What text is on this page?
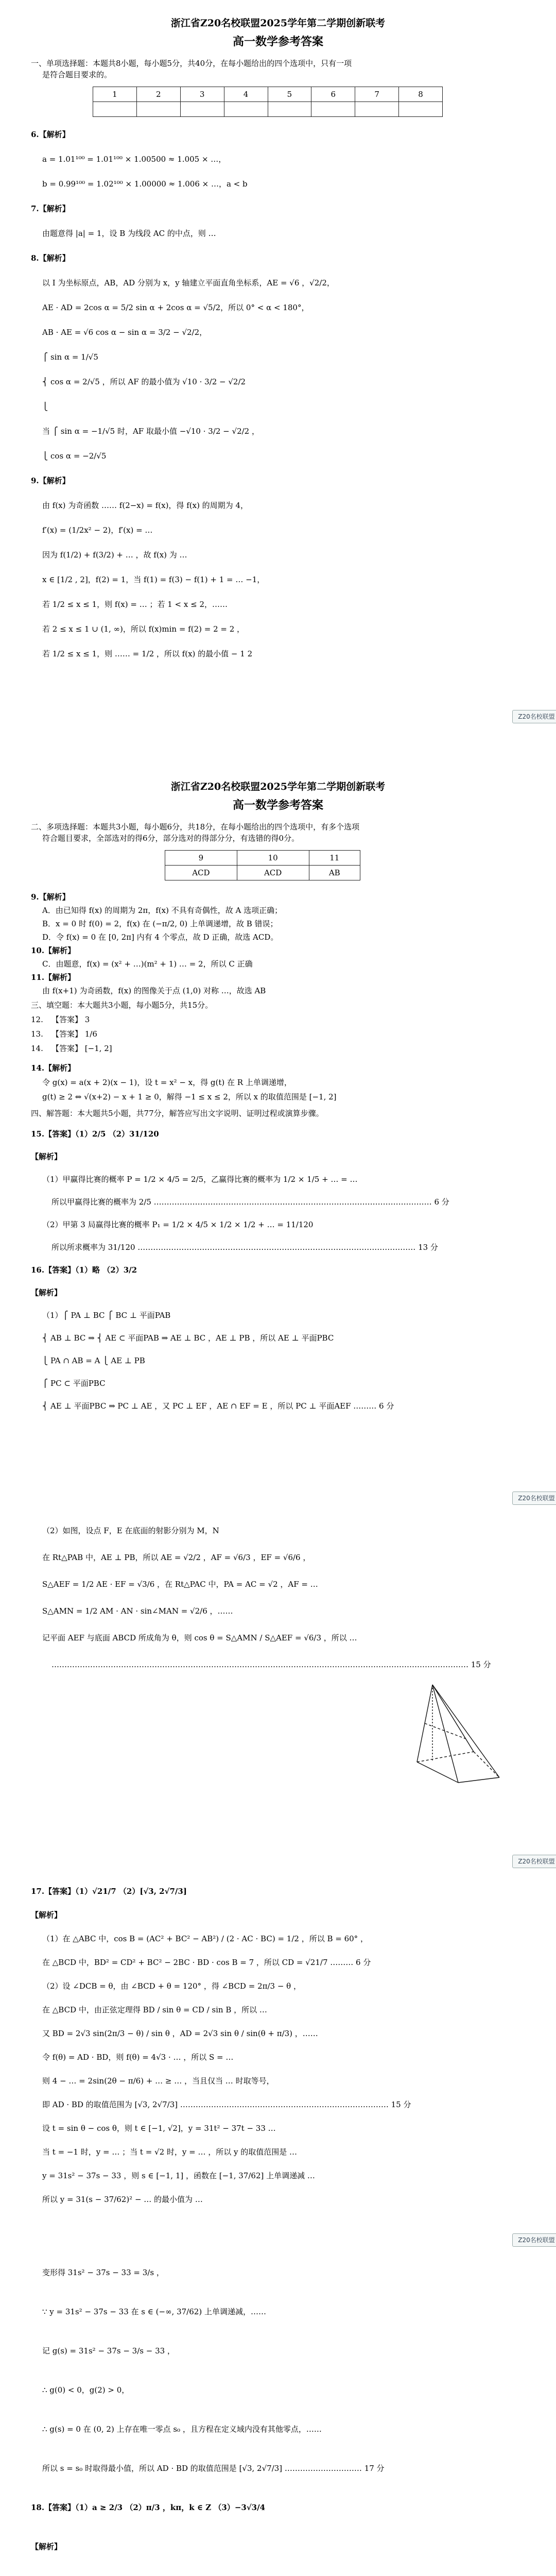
浙江省Z20名校联盟2025学年第二学期创新联考
高一数学参考答案
一、单项选择题：本题共8小题，每小题5分，共40分，在每小题给出的四个选项中，只有一项
是符合题目要求的。
1	2	3	4	5	6	7	8

6.【解析】
a = 1.01¹⁰⁰ = 1.01¹⁰⁰ × 1.00500 ≈ 1.005 × …，
b = 0.99¹⁰⁰ = 1.02¹⁰⁰ × 1.00000 ≈ 1.006 × …，a < b
7.【解析】
由题意得 |a| = 1，设 B 为线段 AC 的中点，则 …
8.【解析】
以 I 为坐标原点，AB，AD 分别为 x，y 轴建立平面直角坐标系，AE = √6 ，√2/2，
AE · AD = 2cos α = 5/2 sin α + 2cos α = √5/2，所以 0° < α < 180°，
AB · AE = √6 cos α − sin α = 3/2 − √2/2，
⎧ sin α = 1/√5
⎨ cos α = 2/√5 ，所以 AF 的最小值为 √10 · 3/2 − √2/2
⎩
当 ⎧ sin α = −1/√5 时，AF 取最小值 −√10 · 3/2 − √2/2 ，
⎩ cos α = −2/√5
9.【解析】
由 f(x) 为奇函数 …… f(2−x) = f(x)，得 f(x) 的周期为 4，
f′(x) = (1/2x² − 2)，f′(x) = …
因为 f(1/2) + f(3/2) + … ，故 f(x) 为 …
x ∈ [1/2 , 2]，f(2) = 1，当 f(1) = f(3) − f(1) + 1 = … −1，
若 1/2 ≤ x ≤ 1，则 f(x) = … ；若 1 < x ≤ 2，……
若 2 ≤ x ≤ 1 ∪ (1, ∞)，所以 f(x)min = f(2) = 2 = 2 ，
若 1/2 ≤ x ≤ 1，则 …… = 1/2 ，所以 f(x) 的最小值 − 1 2
Z20名校联盟
浙江省Z20名校联盟2025学年第二学期创新联考
高一数学参考答案
二、多项选择题：本题共3小题，每小题6分，共18分，在每小题给出的四个选项中，有多个选项
符合题目要求，全部选对的得6分，部分选对的得部分分，有选错的得0分。
9	10	11
ACD	ACD	AB
9.【解析】
A．由已知得 f(x) 的周期为 2π，f(x) 不具有奇偶性，故 A 选项正确；
B．x = 0 时 f(0) = 2，f(x) 在 (−π/2, 0) 上单调递增，故 B 错误；
D．令 f(x) = 0 在 [0, 2π] 内有 4 个零点，故 D 正确，故选 ACD。
10.【解析】
C．由题意，f(x) = (x² + …)(m² + 1) … = 2，所以 C 正确
11.【解析】
由 f(x+1) 为奇函数，f(x) 的图像关于点 (1,0) 对称 …，故选 AB
三、填空题：本大题共3小题，每小题5分，共15分。
12. 【答案】 3
13. 【答案】 1/6
14. 【答案】 [−1, 2]
14.【解析】
令 g(x) = a(x + 2)(x − 1)，设 t = x² − x，得 g(t) 在 R 上单调递增，
g(t) ≥ 2 ⇔ √(x+2) − x + 1 ≥ 0，解得 −1 ≤ x ≤ 2，所以 x 的取值范围是 [−1, 2]
四、解答题：本大题共5小题，共77分，解答应写出文字说明、证明过程或演算步骤。
15.【答案】（1）2/5 （2）31/120
【解析】
（1）甲赢得比赛的概率 P = 1/2 × 4/5 = 2/5，乙赢得比赛的概率为 1/2 × 1/5 + … = …
所以甲赢得比赛的概率为 2/5 ……………………………………………………………………………………………… 6 分
（2）甲第 3 局赢得比赛的概率 P₁ = 1/2 × 4/5 × 1/2 × 1/2 + … = 11/120
所以所求概率为 31/120 ……………………………………………………………………………………………… 13 分
16.【答案】（1）略 （2）3/2
【解析】
（1）⎧ PA ⊥ BC ⎧ BC ⊥ 平面PAB
⎨ AB ⊥ BC ⇒ ⎨ AE ⊂ 平面PAB ⇒ AE ⊥ BC ，AE ⊥ PB ，所以 AE ⊥ 平面PBC
⎩ PA ∩ AB = A ⎩ AE ⊥ PB
⎧ PC ⊂ 平面PBC
⎨ AE ⊥ 平面PBC ⇒ PC ⊥ AE ，又 PC ⊥ EF ，AE ∩ EF = E ，所以 PC ⊥ 平面AEF ……… 6 分
Z20名校联盟
（2）如图，设点 F，E 在底面的射影分别为 M，N
在 Rt△PAB 中，AE ⊥ PB，所以 AE = √2/2 ，AF = √6/3 ，EF = √6/6 ，
S△AEF = 1/2 AE · EF = √3/6 ，在 Rt△PAC 中，PA = AC = √2 ，AF = …
S△AMN = 1/2 AM · AN · sin∠MAN = √2/6 ，……
记平面 AEF 与底面 ABCD 所成角为 θ，则 cos θ = S△AMN / S△AEF = √6/3 ，所以 …
……………………………………………………………………………………………………………………………………………… 15 分
Z20名校联盟
17.【答案】（1）√21/7 （2）[√3, 2√7/3]
【解析】
（1）在 △ABC 中，cos B = (AC² + BC² − AB²) / (2 · AC · BC) = 1/2 ，所以 B = 60° ，
在 △BCD 中，BD² = CD² + BC² − 2BC · BD · cos B = 7 ，所以 CD = √21/7 ……… 6 分
（2）设 ∠DCB = θ，由 ∠BCD + θ = 120° ，得 ∠BCD = 2π/3 − θ ，
在 △BCD 中，由正弦定理得 BD / sin θ = CD / sin B ，所以 …
又 BD = 2√3 sin(2π/3 − θ) / sin θ ，AD = 2√3 sin θ / sin(θ + π/3) ，……
令 f(θ) = AD · BD，则 f(θ) = 4√3 · … ，所以 S = …
则 4 − … = 2sin(2θ − π/6) + … ≥ … ，当且仅当 … 时取等号，
即 AD · BD 的取值范围为 [√3, 2√7/3] ……………………………………………………………………… 15 分
设 t = sin θ − cos θ，则 t ∈ [−1, √2]，y = 31t² − 37t − 33 …
当 t = −1 时，y = … ；当 t = √2 时，y = … ，所以 y 的取值范围是 …
y = 31s² − 37s − 33 ，则 s ∈ [−1, 1] ，函数在 [−1, 37/62] 上单调递减 …
所以 y = 31(s − 37/62)² − … 的最小值为 …
Z20名校联盟
变形得 31s² − 37s − 33 = 3/s ，
∵ y = 31s² − 37s − 33 在 s ∈ (−∞, 37/62) 上单调递减，……
记 g(s) = 31s² − 37s − 3/s − 33 ，
∴ g(0) < 0，g(2) > 0，
∴ g(s) = 0 在 (0, 2) 上存在唯一零点 s₀ ，且方程在定义域内没有其他零点，……
所以 s = s₀ 时取得最小值，所以 AD · BD 的取值范围是 [√3, 2√7/3] ………………………… 17 分
18.【答案】（1）a ≥ 2/3 （2）π/3 ，kπ，k ∈ Z （3）−3√3/4
【解析】
